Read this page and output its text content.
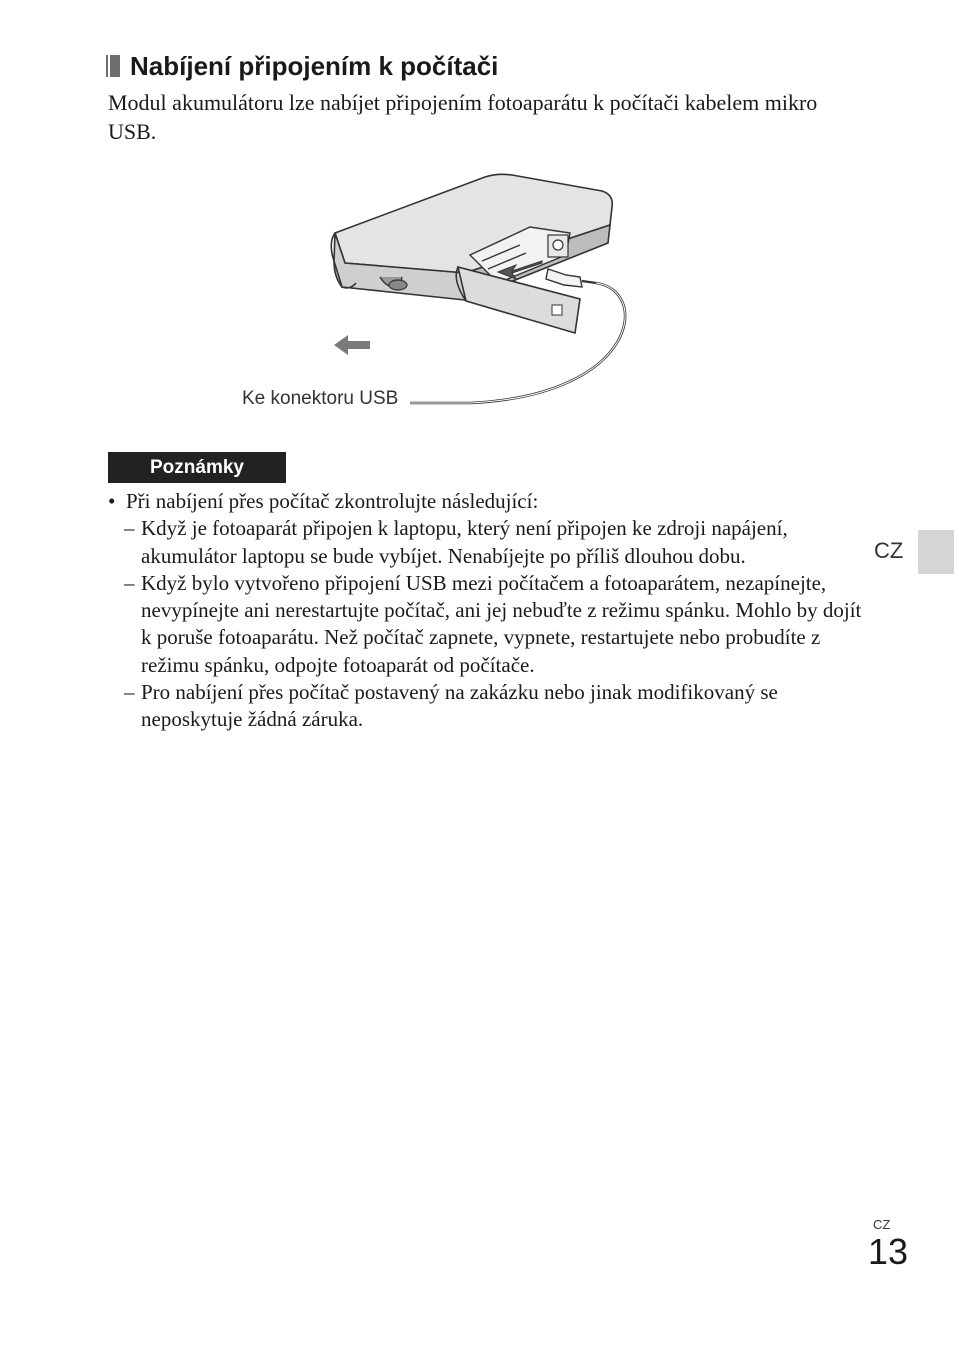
Nabíjení připojením k počítači

Modul akumulátoru lze nabíjet připojením fotoaparátu k počítači kabelem mikro USB.

Ke konektoru USB
Poznámky
• Při nabíjení přes počítač zkontrolujte následující:
– Když je fotoaparát připojen k laptopu, který není připojen ke zdroji napájení, akumulátor laptopu se bude vybíjet. Nenabíjejte po příliš dlouhou dobu.
– Když bylo vytvořeno připojení USB mezi počítačem a fotoaparátem, nezapínejte, nevypínejte ani nerestartujte počítač, ani jej nebuďte z režimu spánku. Mohlo by dojít k poruše fotoaparátu. Než počítač zapnete, vypnete, restartujete nebo probudíte z režimu spánku, odpojte fotoaparát od počítače.
– Pro nabíjení přes počítač postavený na zakázku nebo jinak modifikovaný se neposkytuje žádná záruka.
CZ
CZ
13
